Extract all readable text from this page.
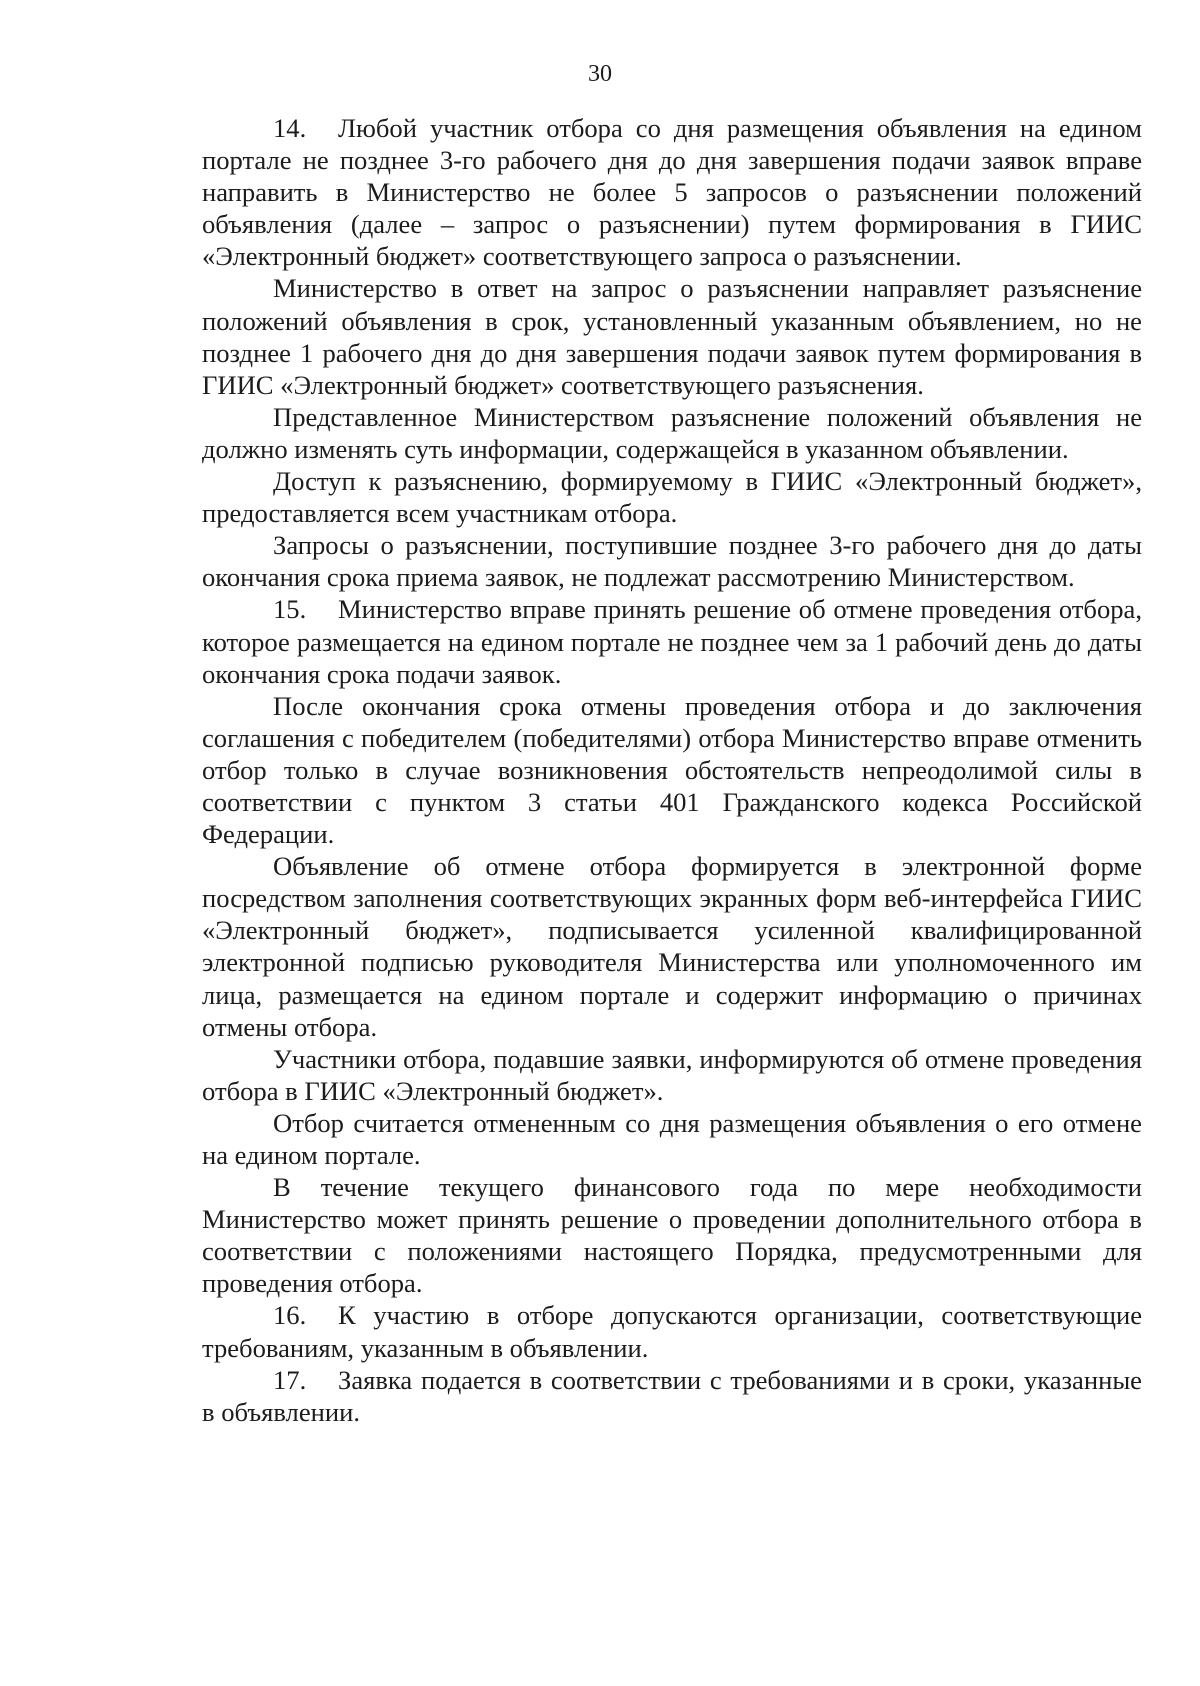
30

14. Любой участник отбора со дня размещения объявления на едином портале не позднее 3-го рабочего дня до дня завершения подачи заявок вправе направить в Министерство не более 5 запросов о разъяснении положений объявления (далее – запрос о разъяснении) путем формирования в ГИИС «Электронный бюджет» соответствующего запроса о разъяснении.

Министерство в ответ на запрос о разъяснении направляет разъяснение положений объявления в срок, установленный указанным объявлением, но не позднее 1 рабочего дня до дня завершения подачи заявок путем формирования в ГИИС «Электронный бюджет» соответствующего разъяснения.

Представленное Министерством разъяснение положений объявления не должно изменять суть информации, содержащейся в указанном объявлении.

Доступ к разъяснению, формируемому в ГИИС «Электронный бюджет», предоставляется всем участникам отбора.

Запросы о разъяснении, поступившие позднее 3-го рабочего дня до даты окончания срока приема заявок, не подлежат рассмотрению Министерством.

15. Министерство вправе принять решение об отмене проведения отбора, которое размещается на едином портале не позднее чем за 1 рабочий день до даты окончания срока подачи заявок.

После окончания срока отмены проведения отбора и до заключения соглашения с победителем (победителями) отбора Министерство вправе отменить отбор только в случае возникновения обстоятельств непреодолимой силы в соответствии с пунктом 3 статьи 401 Гражданского кодекса Российской Федерации.

Объявление об отмене отбора формируется в электронной форме посредством заполнения соответствующих экранных форм веб-интерфейса ГИИС «Электронный бюджет», подписывается усиленной квалифицированной электронной подписью руководителя Министерства или уполномоченного им лица, размещается на едином портале и содержит информацию о причинах отмены отбора.

Участники отбора, подавшие заявки, информируются об отмене проведения отбора в ГИИС «Электронный бюджет».

Отбор считается отмененным со дня размещения объявления о его отмене на едином портале.

В течение текущего финансового года по мере необходимости Министерство может принять решение о проведении дополнительного отбора в соответствии с положениями настоящего Порядка, предусмотренными для проведения отбора.

16. К участию в отборе допускаются организации, соответствующие требованиям, указанным в объявлении.

17. Заявка подается в соответствии с требованиями и в сроки, указанные в объявлении.
